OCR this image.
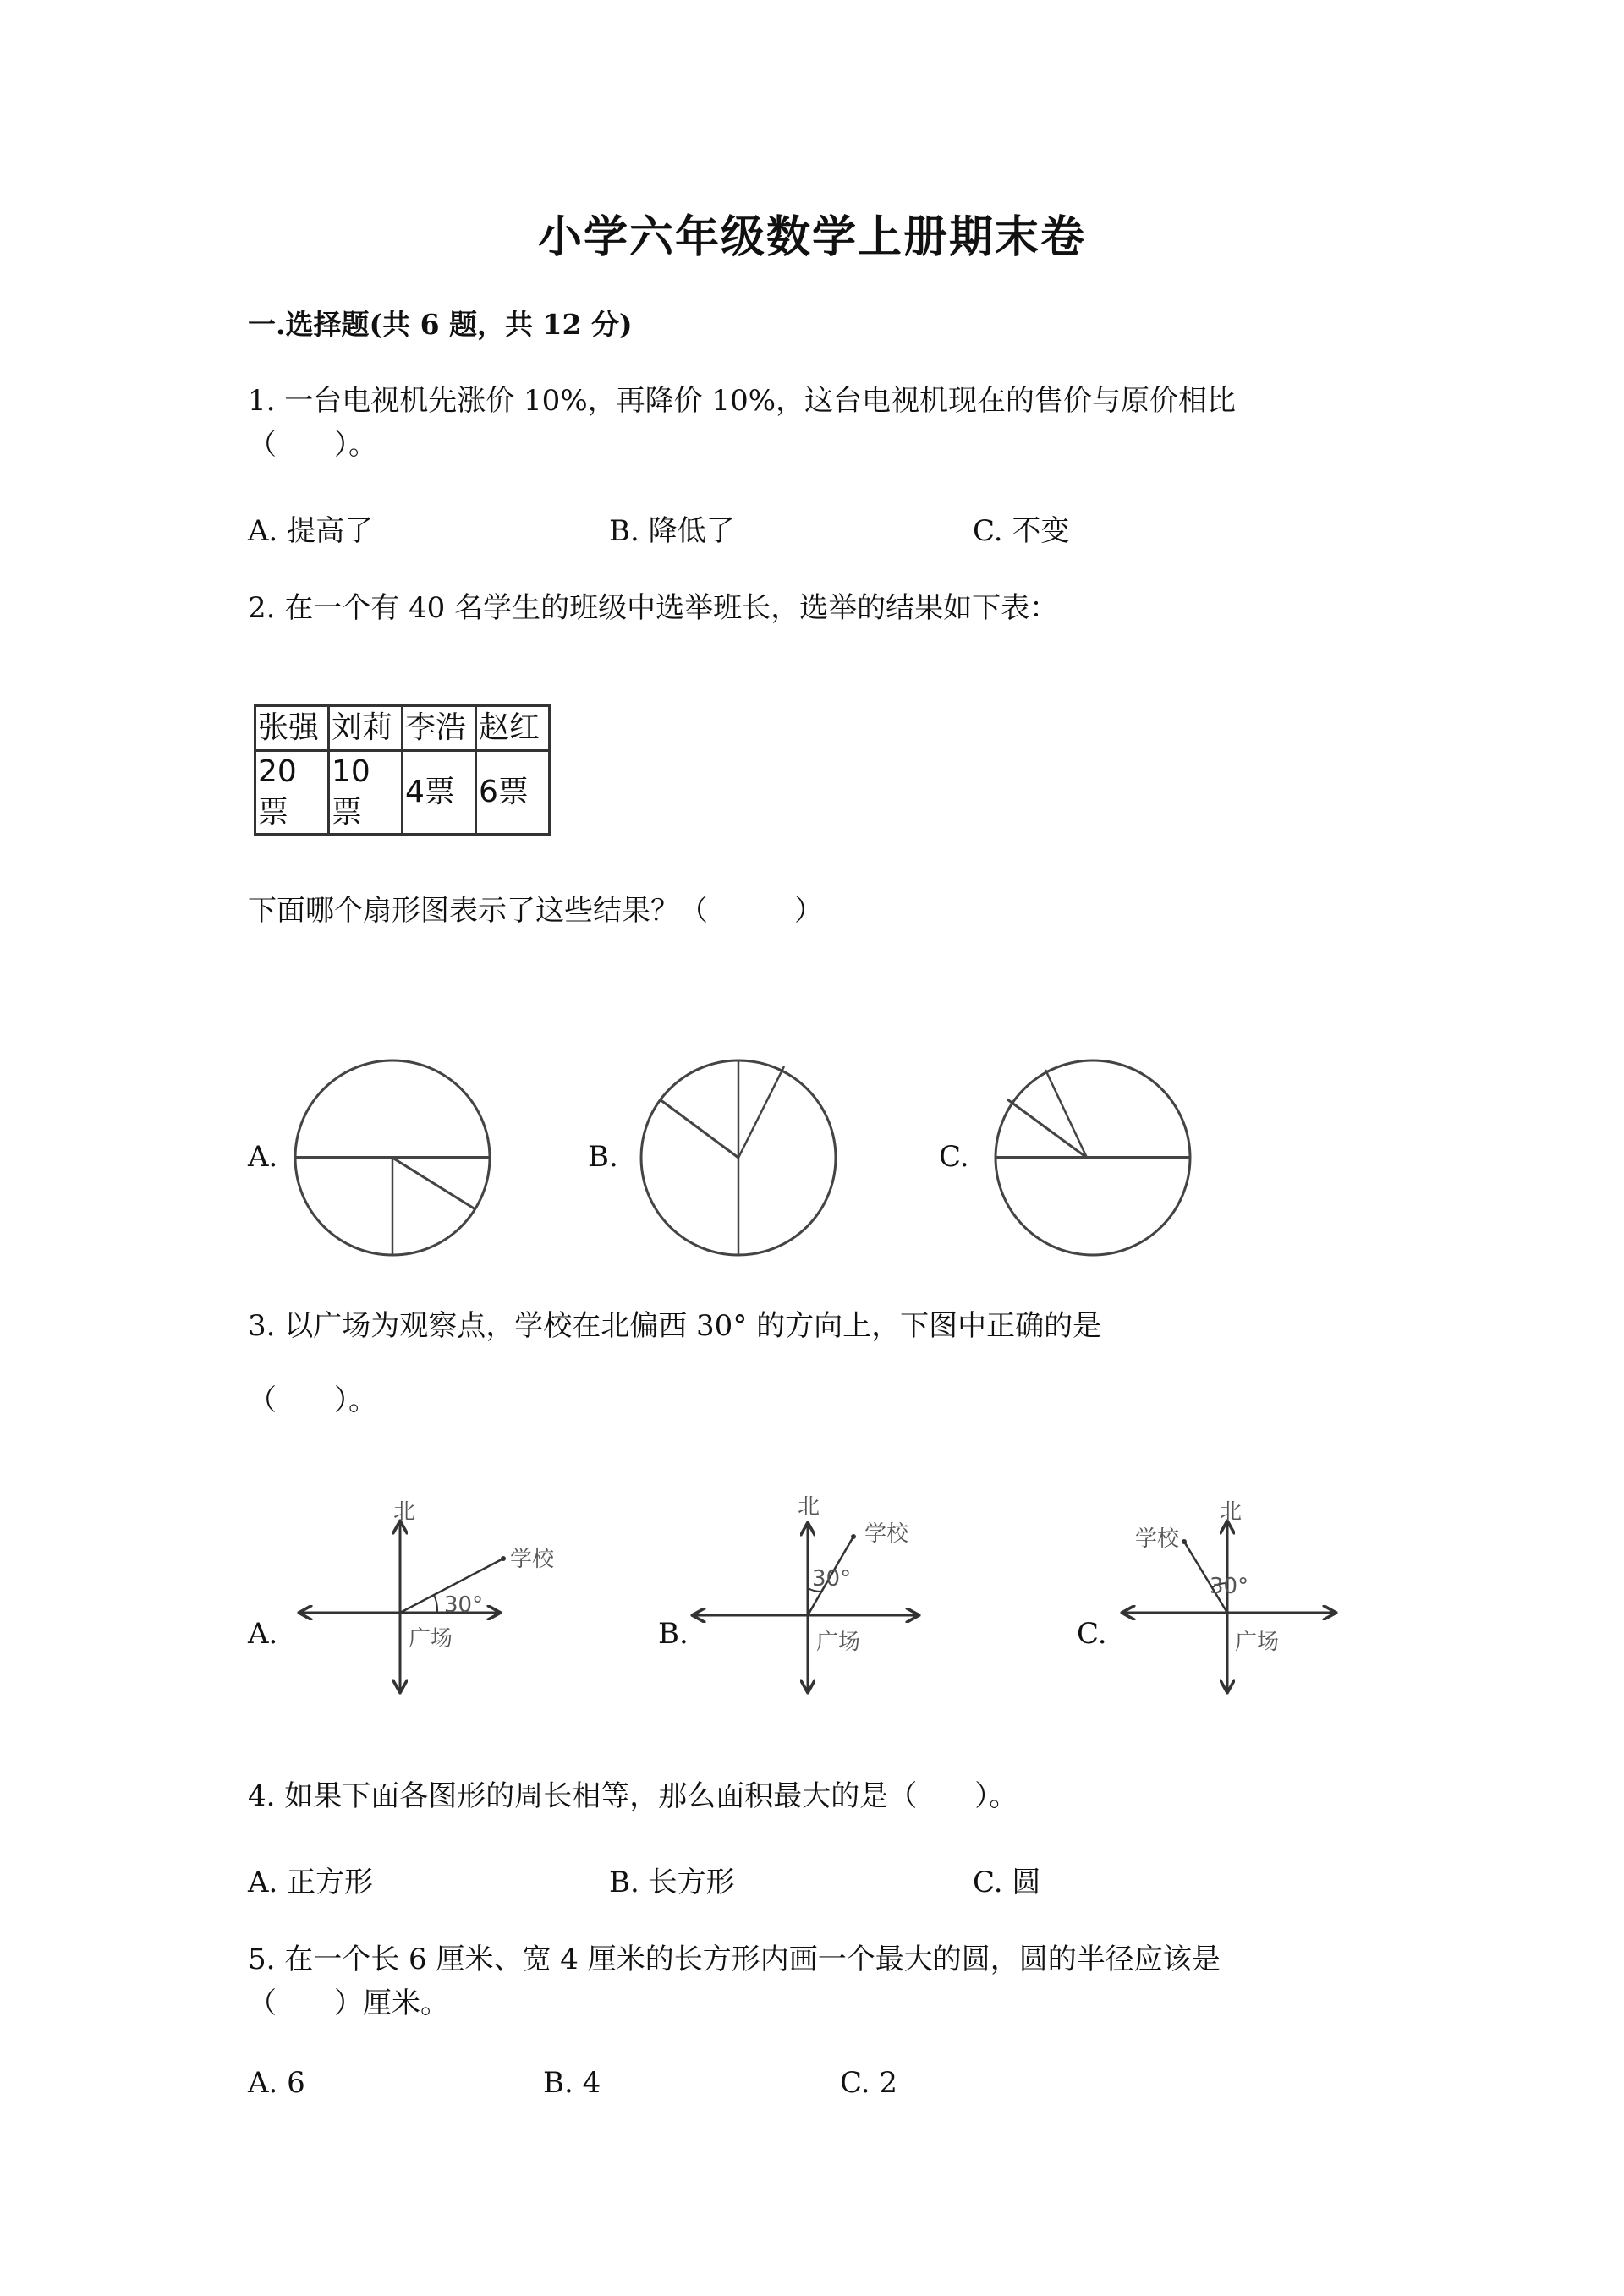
小学六年级数学上册期末卷
一.选择题(共 6 题，共 12 分)
1. 一台电视机先涨价 10%，再降价 10%，这台电视机现在的售价与原价相比
（　　）。
A. 提高了	B. 降低了	C. 不变
2. 在一个有 40 名学生的班级中选举班长，选举的结果如下表：
张强	刘莉	李浩	赵红
20票	10票	4票	6票
下面哪个扇形图表示了这些结果？（　　　）
A.	B.	C.
3. 以广场为观察点，学校在北偏西 30° 的方向上，下图中正确的是
（　　）。
A.
北
学校
广场
30°
B.
北
学校
广场
30°
C.
北
学校
广场
30°
4. 如果下面各图形的周长相等，那么面积最大的是（　　）。
A. 正方形	B. 长方形	C. 圆
5. 在一个长 6 厘米、宽 4 厘米的长方形内画一个最大的圆，圆的半径应该是
（　　）厘米。
A. 6	B. 4	C. 2
